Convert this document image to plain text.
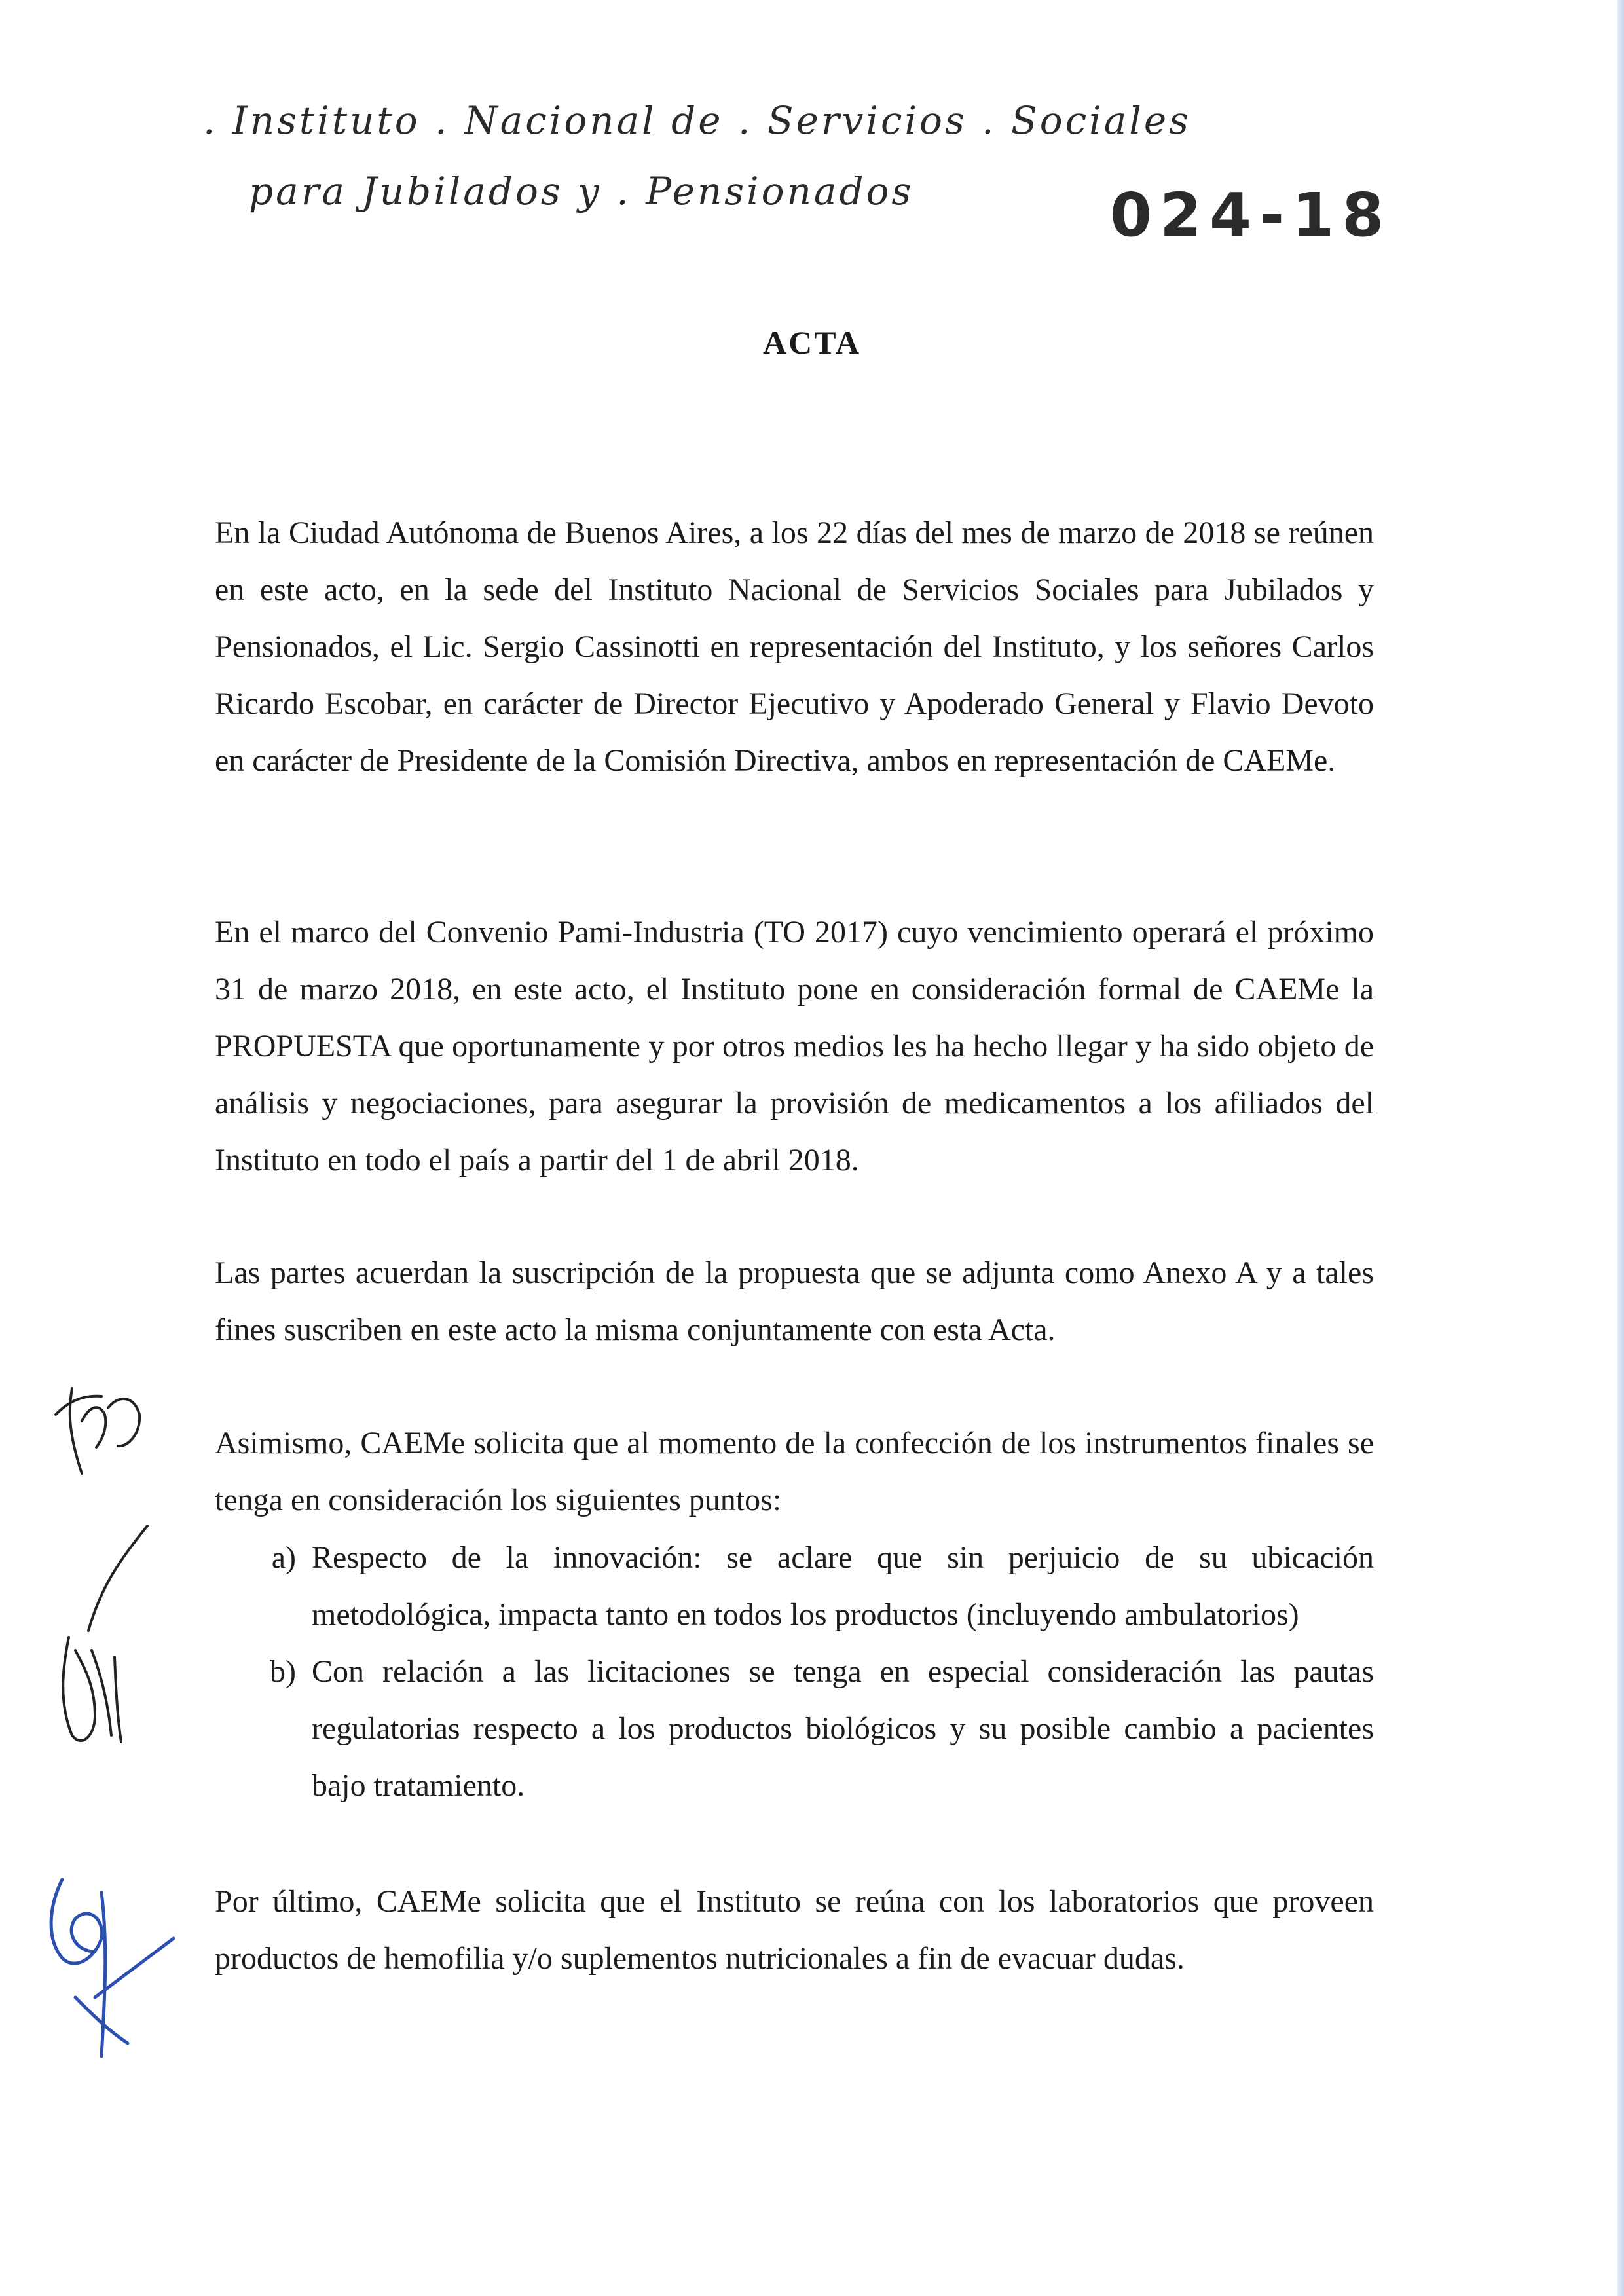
. Instituto . Nacional de . Servicios . Sociales
para Jubilados y . Pensionados	024-18
ACTA

En la Ciudad Autónoma de Buenos Aires, a los 22 días del mes de marzo de 2018 se reúnen en este acto, en la sede del Instituto Nacional de Servicios Sociales para Jubilados y Pensionados, el Lic. Sergio Cassinotti en representación del Instituto, y los señores Carlos Ricardo Escobar, en carácter de Director Ejecutivo y Apoderado General y Flavio Devoto en carácter de Presidente de la Comisión Directiva, ambos en representación de CAEMe.

En el marco del Convenio Pami-Industria (TO 2017) cuyo vencimiento operará el próximo 31 de marzo 2018, en este acto, el Instituto pone en consideración formal de CAEMe la PROPUESTA que oportunamente y por otros medios les ha hecho llegar y ha sido objeto de análisis y negociaciones, para asegurar la provisión de medicamentos a los afiliados del Instituto en todo el país a partir del 1 de abril 2018.

Las partes acuerdan la suscripción de la propuesta que se adjunta como Anexo A y a tales fines suscriben en este acto la misma conjuntamente con esta Acta.

Asimismo, CAEMe solicita que al momento de la confección de los instrumentos finales se tenga en consideración los siguientes puntos:

a) Respecto de la innovación: se aclare que sin perjuicio de su ubicación metodológica, impacta tanto en todos los productos (incluyendo ambulatorios)
b) Con relación a las licitaciones se tenga en especial consideración las pautas regulatorias respecto a los productos biológicos y su posible cambio a pacientes bajo tratamiento.

Por último, CAEMe solicita que el Instituto se reúna con los laboratorios que proveen productos de hemofilia y/o suplementos nutricionales a fin de evacuar dudas.
